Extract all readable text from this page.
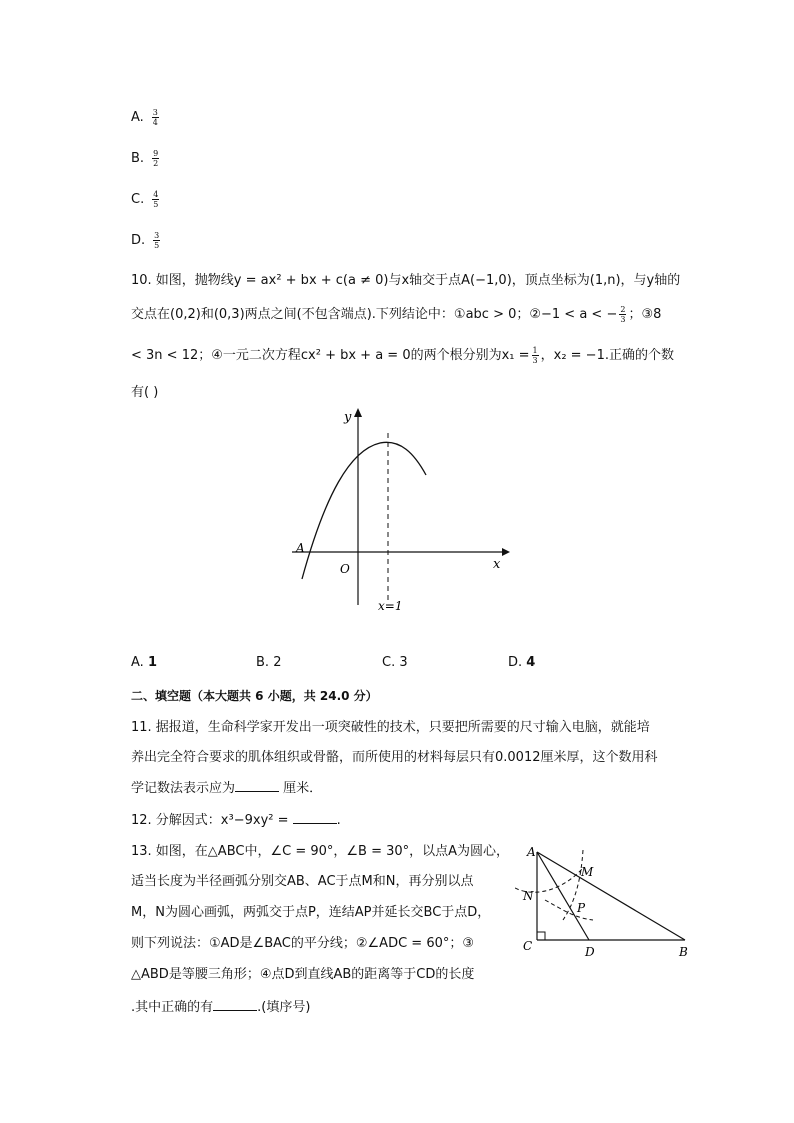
A. $\frac{3}{4}$
B. $\frac{9}{2}$
C. $\frac{4}{5}$
D. $\frac{3}{5}$
10. 如图，抛物线y = ax² + bx + c(a ≠ 0)与x轴交于点A(−1,0)，顶点坐标为(1,n)，与y轴的
交点在(0,2)和(0,3)两点之间(不包含端点).下列结论中：①abc > 0；②−1 < a < − $\frac{2}{3}$ ；③8
< 3n < 12；④一元二次方程cx² + bx + a = 0的两个根分别为$x_1 = \frac{1}{3}$ ，x₂ = −1.正确的个数
有( )
y
x
O
A
x=1
A. 1	B. 2	C. 3	D. 4
二、填空题（本大题共 6 小题，共 24.0 分）
11. 据报道，生命科学家开发出一项突破性的技术，只要把所需要的尺寸输入电脑，就能培
养出完全符合要求的肌体组织或骨骼，而所使用的材料每层只有0.0012厘米厚，这个数用科
学记数法表示应为	厘米．
12. 分解因式：x³−9xy² =	.
13. 如图，在△ABC中，∠C = 90°，∠B = 30°，以点A为圆心，
适当长度为半径画弧分别交AB、AC于点M和N，再分别以点
M，N为圆心画弧，两弧交于点P，连结AP并延长交BC于点D，
则下列说法：①AD是∠BAC的平分线；②∠ADC = 60°；③
△ABD是等腰三角形；④点D到直线AB的距离等于CD的长度
.其中正确的有	.(填序号)
A
B
C	D
M
N
P
